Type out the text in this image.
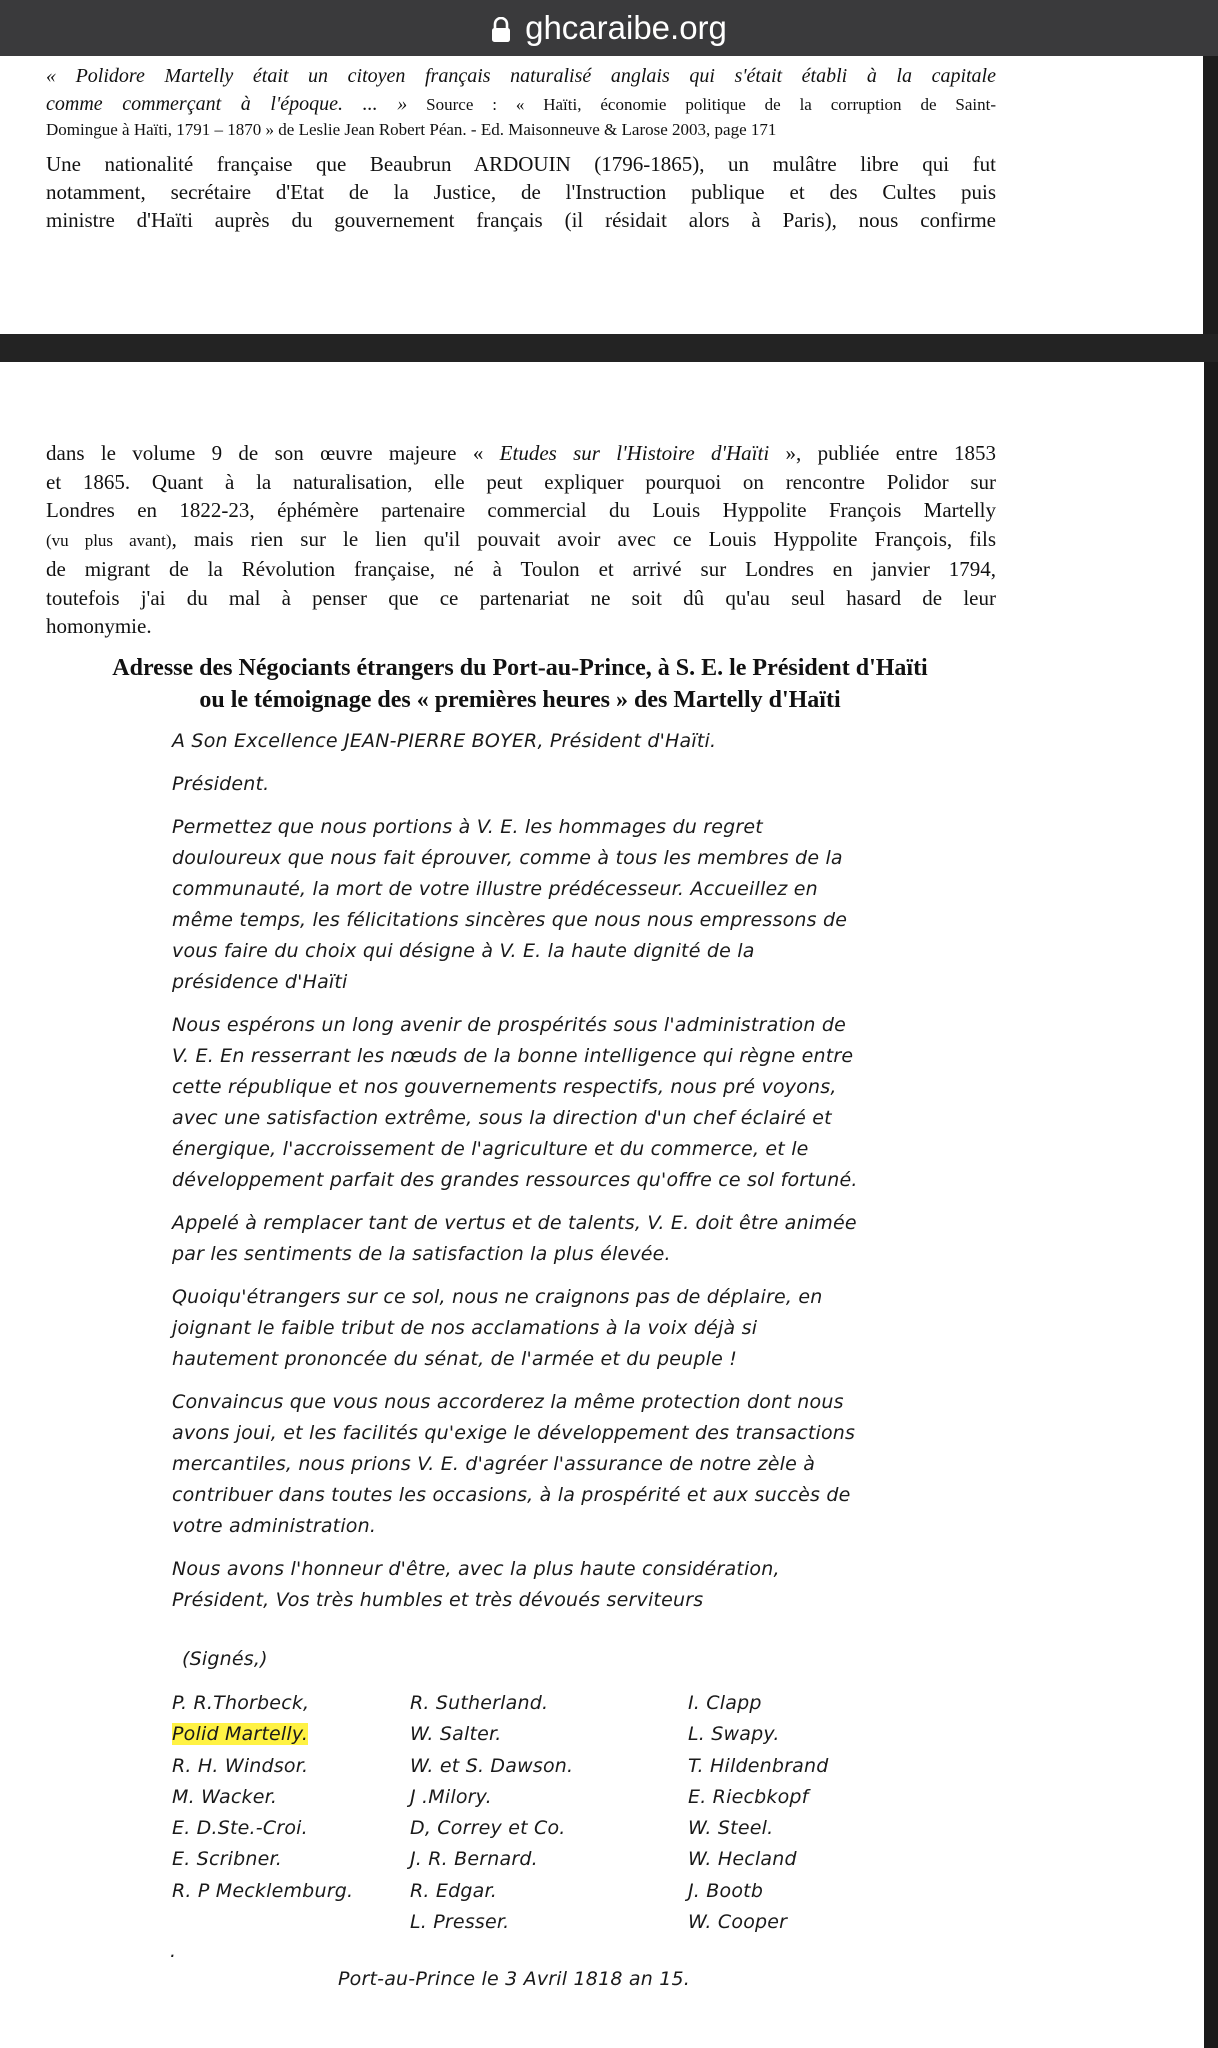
ghcaraibe.org
« Polidore Martelly était un citoyen français naturalisé anglais qui s'était établi à la capitale
comme commerçant à l'époque. ... » Source : « Haïti, économie politique de la corruption de Saint-
Domingue à Haïti, 1791 – 1870 » de Leslie Jean Robert Péan. - Ed. Maisonneuve & Larose 2003, page 171
Une nationalité française que Beaubrun ARDOUIN (1796-1865), un mulâtre libre qui fut
notamment, secrétaire d'Etat de la Justice, de l'Instruction publique et des Cultes puis
ministre d'Haïti auprès du gouvernement français (il résidait alors à Paris), nous confirme
dans le volume 9 de son œuvre majeure « Etudes sur l'Histoire d'Haïti », publiée entre 1853
et 1865. Quant à la naturalisation, elle peut expliquer pourquoi on rencontre Polidor sur
Londres en 1822-23, éphémère partenaire commercial du Louis Hyppolite François Martelly
(vu plus avant), mais rien sur le lien qu'il pouvait avoir avec ce Louis Hyppolite François, fils
de migrant de la Révolution française, né à Toulon et arrivé sur Londres en janvier 1794,
toutefois j'ai du mal à penser que ce partenariat ne soit dû qu'au seul hasard de leur
homonymie.
Adresse des Négociants étrangers du Port-au-Prince, à S. E. le Président d'Haïti
ou le témoignage des « premières heures » des Martelly d'Haïti
A Son Excellence JEAN-PIERRE BOYER, Président d'Haïti.
Président.
Permettez que nous portions à V. E. les hommages du regret
douloureux que nous fait éprouver, comme à tous les membres de la
communauté, la mort de votre illustre prédécesseur. Accueillez en
même temps, les félicitations sincères que nous nous empressons de
vous faire du choix qui désigne à V. E. la haute dignité de la
présidence d'Haïti
Nous espérons un long avenir de prospérités sous l'administration de
V. E. En resserrant les nœuds de la bonne intelligence qui règne entre
cette république et nos gouvernements respectifs, nous pré voyons,
avec une satisfaction extrême, sous la direction d'un chef éclairé et
énergique, l'accroissement de l'agriculture et du commerce, et le
développement parfait des grandes ressources qu'offre ce sol fortuné.
Appelé à remplacer tant de vertus et de talents, V. E. doit être animée
par les sentiments de la satisfaction la plus élevée.
Quoiqu'étrangers sur ce sol, nous ne craignons pas de déplaire, en
joignant le faible tribut de nos acclamations à la voix déjà si
hautement prononcée du sénat, de l'armée et du peuple !
Convaincus que vous nous accorderez la même protection dont nous
avons joui, et les facilités qu'exige le développement des transactions
mercantiles, nous prions V. E. d'agréer l'assurance de notre zèle à
contribuer dans toutes les occasions, à la prospérité et aux succès de
votre administration.
Nous avons l'honneur d'être, avec la plus haute considération,
Président, Vos très humbles et très dévoués serviteurs
(Signés,)
P. R.Thorbeck,
Polid Martelly.
R. H. Windsor.
M. Wacker.
E. D.Ste.-Croi.
E. Scribner.
R. P Mecklemburg.
R. Sutherland.
W. Salter.
W. et S. Dawson.
J .Milory.
D, Correy et Co.
J. R. Bernard.
R. Edgar.
L. Presser.
I. Clapp
L. Swapy.
T. Hildenbrand
E. Riecbkopf
W. Steel.
W. Hecland
J. Bootb
W. Cooper
.
Port-au-Prince le 3 Avril 1818 an 15.
